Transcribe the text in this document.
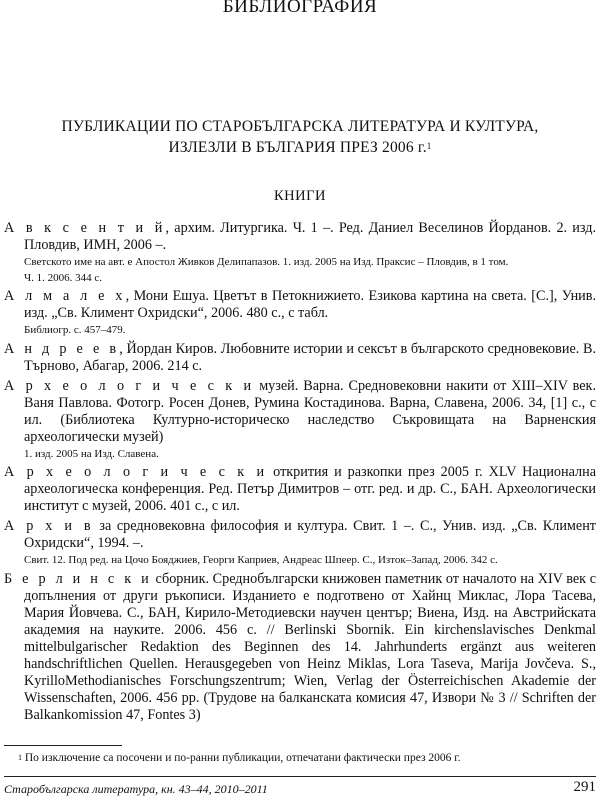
БИБЛИОГРАФИЯ
ПУБЛИКАЦИИ ПО СТАРОБЪЛГАРСКА ЛИТЕРАТУРА И КУЛТУРА,
ИЗЛЕЗЛИ В БЪЛГАРИЯ ПРЕЗ 2006 г.$^1$
КНИГИ
А в к с е н т и й, архим. Литургика. Ч. 1 –. Ред. Даниел Веселинов Йорданов. 2. изд. Пловдив, ИМН, 2006 –.
Светското име на авт. е Апостол Живков Делипапазов. 1. изд. 2005 на Изд. Праксис – Пловдив, в 1 том.
Ч. 1. 2006. 344 с.
А л м а л е х, Мони Ешуа. Цветът в Петокнижието. Езикова картина на света. [С.], Унив. изд. „Св. Климент Охридски“, 2006. 480 с., с табл.
Библиогр. с. 457–479.
А н д р е е в, Йордан Киров. Любовните истории и сексът в българското средновековие. В. Търново, Абагар, 2006. 214 с.
А р х е о л о г и ч е с к и музей. Варна. Средновековни накити от XIII–XIV век. Ваня Павлова. Фотогр. Росен Донев, Румина Костадинова. Варна, Славена, 2006. 34, [1] с., с ил. (Библиотека Културно-историческо наследство Съкровищата на Варненския археологически музей)
1. изд. 2005 на Изд. Славена.
А р х е о л о г и ч е с к и открития и разкопки през 2005 г. XLV Национална археологическа конференция. Ред. Петър Димитров – отг. ред. и др. С., БАН. Археологически институт с музей, 2006. 401 с., с ил.
А р х и в за средновековна философия и култура. Свит. 1 –. С., Унив. изд. „Св. Климент Охридски“, 1994. –.
Свит. 12. Под ред. на Цочо Бояджиев, Георги Каприев, Андреас Шпеер. С., Изток–Запад, 2006. 342 с.
Б е р л и н с к и сборник. Среднобългарски книжовен паметник от началото на XIV век с допълнения от други ръкописи. Изданието е подготвено от Хайнц Миклас, Лора Тасева, Мария Йовчева. С., БАН, Кирило-Методиевски научен център; Виена, Изд. на Австрийската академия на науките. 2006. 456 с. // Berlinski Sbornik. Ein kirchenslavisches Denkmal mittelbulgarischer Redaktion des Beginnen des 14. Jahrhunderts ergänzt aus weiteren handschriftlichen Quellen. Herausgegeben von Heinz Miklas, Lora Taseva, Marija Jovčeva. S., KyrilloMethodianisches Forschungszentrum; Wien, Verlag der Österreichischen Akademie der Wissenschaften, 2006. 456 pp. (Трудове на балканската комисия 47, Извори № 3 // Schriften der Balkankomission 47, Fontes 3)
$^1$ По изключение са посочени и по-ранни публикации, отпечатани фактически през 2006 г.
Старобългарска литература, кн. 43–44, 2010–2011	291
